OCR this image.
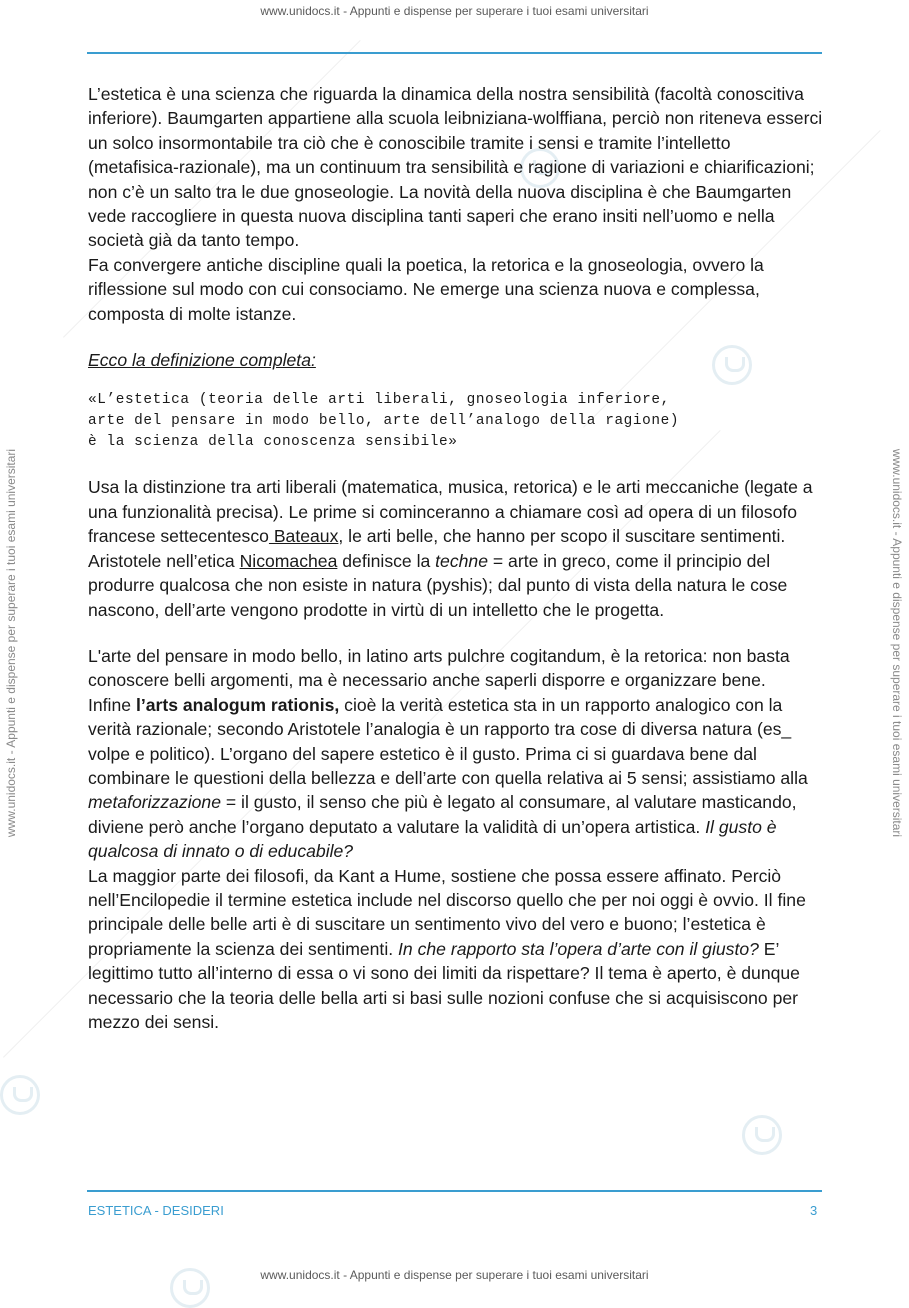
www.unidocs.it - Appunti e dispense per superare i tuoi esami universitari
www.unidocs.it - Appunti e dispense per superare i tuoi esami universitari	www.unidocs.it - Appunti e dispense per superare i tuoi esami universitari

L’estetica è una scienza che riguarda la dinamica della nostra sensibilità (facoltà conoscitiva inferiore). Baumgarten appartiene alla scuola leibniziana-wolffiana, perciò non riteneva esserci un solco insormontabile tra ciò che è conoscibile tramite i sensi e tramite l’intelletto (metafisica-razionale), ma un continuum tra sensibilità e ragione di variazioni e chiarificazioni; non c’è un salto tra le due gnoseologie. La novità della nuova disciplina è che Baumgarten vede raccogliere in questa nuova disciplina tanti saperi che erano insiti nell’uomo e nella società già da tanto tempo.

Fa convergere antiche discipline quali la poetica, la retorica e la gnoseologia, ovvero la riflessione sul modo con cui consociamo. Ne emerge una scienza nuova e complessa, composta di molte istanze.

Ecco la definizione completa:

«L’estetica (teoria delle arti liberali, gnoseologia inferiore,

arte del pensare in modo bello, arte dell’analogo della ragione)

è la scienza della conoscenza sensibile»

Usa la distinzione tra arti liberali (matematica, musica, retorica) e le arti meccaniche (legate a una funzionalità precisa). Le prime si cominceranno a chiamare così ad opera di un filosofo francese settecentesco Bateaux, le arti belle, che hanno per scopo il suscitare sentimenti. Aristotele nell’etica Nicomachea definisce la techne = arte in greco, come il principio del produrre qualcosa che non esiste in natura (pyshis); dal punto di vista della natura le cose nascono, dell’arte vengono prodotte in virtù di un intelletto che le progetta.

L'arte del pensare in modo bello, in latino arts pulchre cogitandum, è la retorica: non basta conoscere belli argomenti, ma è necessario anche saperli disporre e organizzare bene.

Infine l’arts analogum rationis, cioè la verità estetica sta in un rapporto analogico con la verità razionale; secondo Aristotele l’analogia è un rapporto tra cose di diversa natura (es_ volpe e politico). L’organo del sapere estetico è il gusto. Prima ci si guardava bene dal combinare le questioni della bellezza e dell’arte con quella relativa ai 5 sensi; assistiamo alla metaforizzazione = il gusto, il senso che più è legato al consumare, al valutare masticando, diviene però anche l’organo deputato a valutare la validità di un’opera artistica. Il gusto è qualcosa di innato o di educabile?

La maggior parte dei filosofi, da Kant a Hume, sostiene che possa essere affinato. Perciò nell’Encilopedie il termine estetica include nel discorso quello che per noi oggi è ovvio. Il fine principale delle belle arti è di suscitare un sentimento vivo del vero e buono; l’estetica è propriamente la scienza dei sentimenti. In che rapporto sta l’opera d’arte con il giusto? E’ legittimo tutto all’interno di essa o vi sono dei limiti da rispettare? Il tema è aperto, è dunque necessario che la teoria delle bella arti si basi sulle nozioni confuse che si acquisiscono per mezzo dei sensi.

ESTETICA - DESIDERI	3
www.unidocs.it - Appunti e dispense per superare i tuoi esami universitari
